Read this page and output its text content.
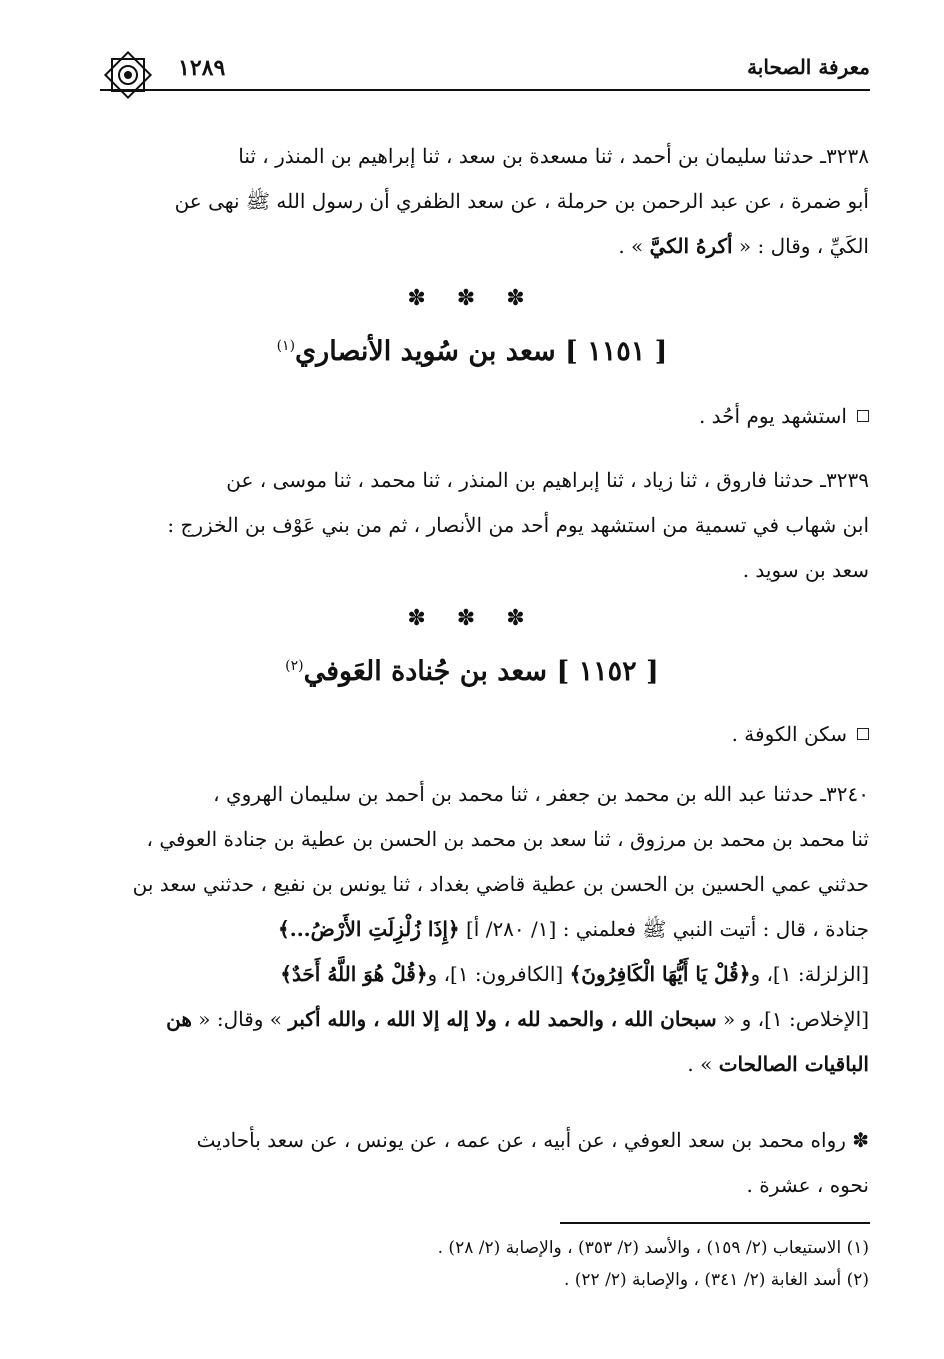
معرفة الصحابة
١٢٨٩

٣٢٣٨ـ حدثنا سليمان بن أحمد ، ثنا مسعدة بن سعد ، ثنا إبراهيم بن المنذر ، ثنا

أبو ضمرة ، عن عبد الرحمن بن حرملة ، عن سعد الظفري أن رسول الله ﷺ نهى عن

الكَيِّ ، وقال : « أكرهُ الكيَّ » .

✽ ✽ ✽
[ ١١٥١ ] سعد بن سُويد الأنصاري$^{(١)}$
استشهد يوم أحُد .

٣٢٣٩ـ حدثنا فاروق ، ثنا زياد ، ثنا إبراهيم بن المنذر ، ثنا محمد ، ثنا موسى ، عن

ابن شهاب في تسمية من استشهد يوم أحد من الأنصار ، ثم من بني عَوْف بن الخزرج :

سعد بن سويد .

✽ ✽ ✽
[ ١١٥٢ ] سعد بن جُنادة العَوفي$^{(٢)}$
سكن الكوفة .

٣٢٤٠ـ حدثنا عبد الله بن محمد بن جعفر ، ثنا محمد بن أحمد بن سليمان الهروي ،

ثنا محمد بن محمد بن مرزوق ، ثنا سعد بن محمد بن الحسن بن عطية بن جنادة العوفي ،

حدثني عمي الحسين بن الحسن بن عطية قاضي بغداد ، ثنا يونس بن نفيع ، حدثني سعد بن

جنادة ، قال : أتيت النبي ﷺ فعلمني : [١/ ٢٨٠/ أ] ﴿إِذَا زُلْزِلَتِ الأَرْضُ...﴾

[الزلزلة: ١]، و﴿قُلْ يَا أَيُّهَا الْكَافِرُونَ﴾ [الكافرون: ١]، و﴿قُلْ هُوَ اللَّهُ أَحَدٌ﴾

[الإخلاص: ١]، و « سبحان الله ، والحمد لله ، ولا إله إلا الله ، والله أكبر » وقال: « هن

الباقيات الصالحات » .

✽ رواه محمد بن سعد العوفي ، عن أبيه ، عن عمه ، عن يونس ، عن سعد بأحاديث

نحوه ، عشرة .

(١) الاستيعاب (٢/ ١٥٩) ، والأسد (٢/ ٣٥٣) ، والإصابة (٢/ ٢٨) .
(٢) أسد الغابة (٢/ ٣٤١) ، والإصابة (٢/ ٢٢) .
